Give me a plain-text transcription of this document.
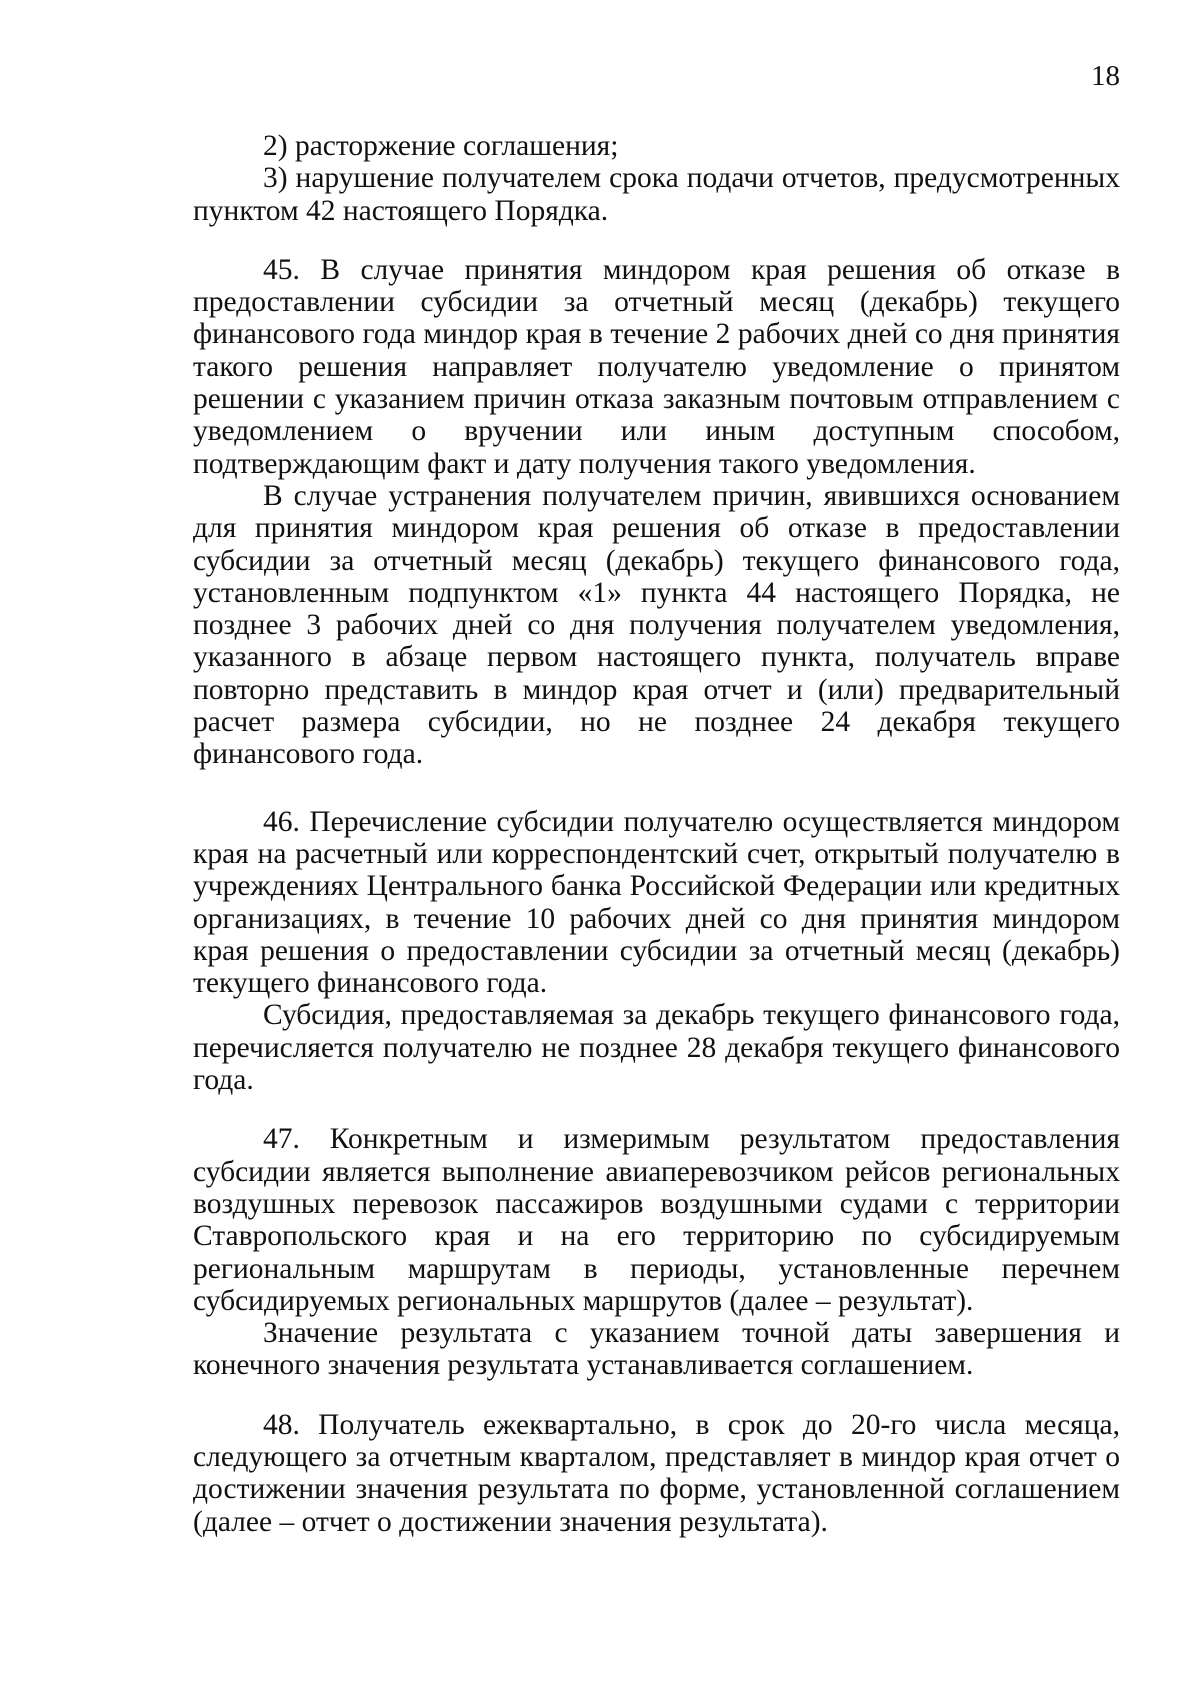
18

2) расторжение соглашения;

3) нарушение получателем срока подачи отчетов, предусмотренных пунктом 42 настоящего Порядка.

45. В случае принятия миндором края решения об отказе в предоставлении субсидии за отчетный месяц (декабрь) текущего финансового года миндор края в течение 2 рабочих дней со дня принятия такого решения направляет получателю уведомление о принятом решении с указанием причин отказа заказным почтовым отправлением с уведомлением о вручении или иным доступным способом, подтверждающим факт и дату получения такого уведомления.

В случае устранения получателем причин, явившихся основанием для принятия миндором края решения об отказе в предоставлении субсидии за отчетный месяц (декабрь) текущего финансового года, установленным подпунктом «1» пункта 44 настоящего Порядка, не позднее 3 рабочих дней со дня получения получателем уведомления, указанного в абзаце первом настоящего пункта, получатель вправе повторно представить в миндор края отчет и (или) предварительный расчет размера субсидии, но не позднее 24 декабря текущего финансового года.

46. Перечисление субсидии получателю осуществляется миндором края на расчетный или корреспондентский счет, открытый получателю в учреждениях Центрального банка Российской Федерации или кредитных организациях, в течение 10 рабочих дней со дня принятия миндором края решения о предоставлении субсидии за отчетный месяц (декабрь) текущего финансового года.

Субсидия, предоставляемая за декабрь текущего финансового года, перечисляется получателю не позднее 28 декабря текущего финансового года.

47. Конкретным и измеримым результатом предоставления субсидии является выполнение авиаперевозчиком рейсов региональных воздушных перевозок пассажиров воздушными судами с территории Ставропольского края и на его территорию по субсидируемым региональным маршрутам в периоды, установленные перечнем субсидируемых региональных маршрутов (далее – результат).

Значение результата с указанием точной даты завершения и конечного значения результата устанавливается соглашением.

48. Получатель ежеквартально, в срок до 20-го числа месяца, следующего за отчетным кварталом, представляет в миндор края отчет о достижении значения результата по форме, установленной соглашением (далее – отчет о достижении значения результата).
